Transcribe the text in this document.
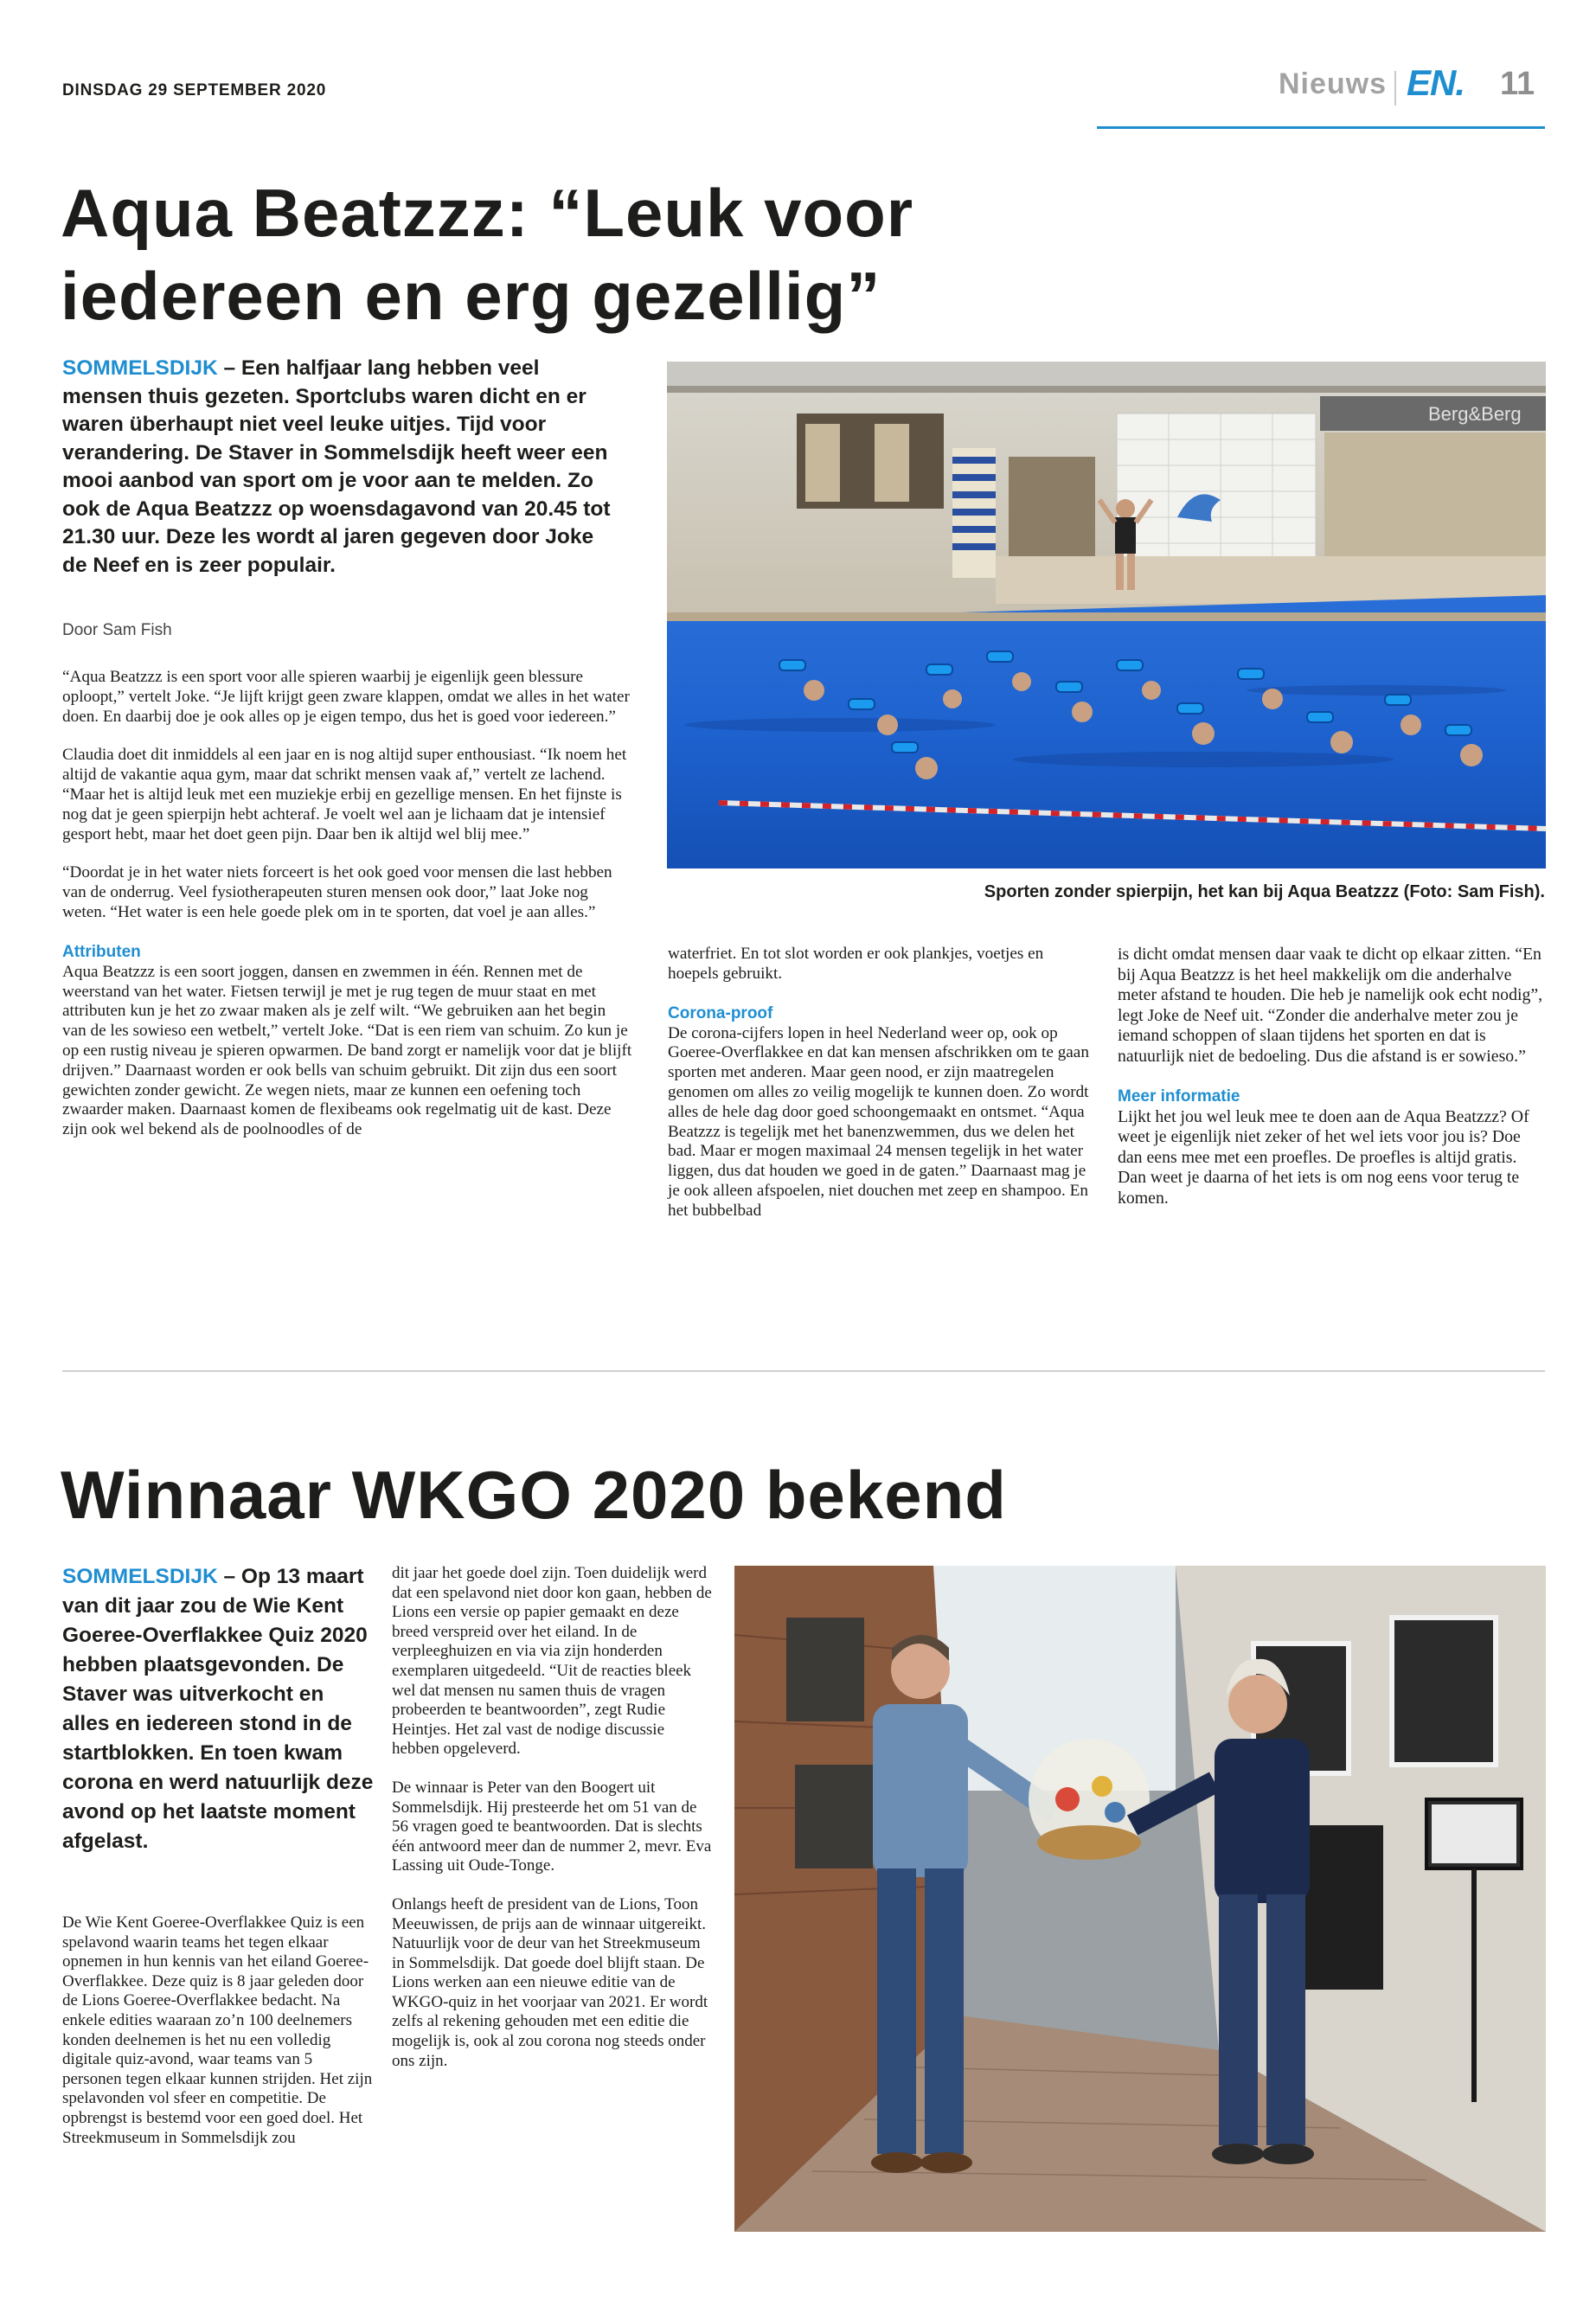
DINSDAG 29 SEPTEMBER 2020	Nieuws EN. 11
Aqua Beatzzz: “Leuk voor
iedereen en erg gezellig”
SOMMELSDIJK – Een halfjaar lang hebben veel mensen thuis gezeten. Sportclubs waren dicht en er waren überhaupt niet veel leuke uitjes. Tijd voor verandering. De Staver in Sommelsdijk heeft weer een mooi aanbod van sport om je voor aan te melden. Zo ook de Aqua Beatzzz op woensdagavond van 20.45 tot 21.30 uur. Deze les wordt al jaren gegeven door Joke de Neef en is zeer populair.
Door Sam Fish

“Aqua Beatzzz is een sport voor alle spieren waarbij je eigenlijk geen blessure oploopt,” vertelt Joke. “Je lijft krijgt geen zware klappen, omdat we alles in het water doen. En daarbij doe je ook alles op je eigen tempo, dus het is goed voor iedereen.”

Claudia doet dit inmiddels al een jaar en is nog altijd super enthousiast. “Ik noem het altijd de vakantie aqua gym, maar dat schrikt mensen vaak af,” vertelt ze lachend. “Maar het is altijd leuk met een muziekje erbij en gezellige mensen. En het fijnste is nog dat je geen spierpijn hebt achteraf. Je voelt wel aan je lichaam dat je intensief gesport hebt, maar het doet geen pijn. Daar ben ik altijd wel blij mee.”

“Doordat je in het water niets forceert is het ook goed voor mensen die last hebben van de onderrug. Veel fysiotherapeuten sturen mensen ook door,” laat Joke nog weten. “Het water is een hele goede plek om in te sporten, dat voel je aan alles.”

Attributen

Aqua Beatzzz is een soort joggen, dansen en zwemmen in één. Rennen met de weerstand van het water. Fietsen terwijl je met je rug tegen de muur staat en met attributen kun je het zo zwaar maken als je zelf wilt. “We gebruiken aan het begin van de les sowieso een wetbelt,” vertelt Joke. “Dat is een riem van schuim. Zo kun je op een rustig niveau je spieren opwarmen. De band zorgt er namelijk voor dat je blijft drijven.” Daarnaast worden er ook bells van schuim gebruikt. Dit zijn dus een soort gewichten zonder gewicht. Ze wegen niets, maar ze kunnen een oefening toch zwaarder maken. Daarnaast komen de flexibeams ook regelmatig uit de kast. Deze zijn ook wel bekend als de poolnoodles of de

Berg&Berg
Sporten zonder spierpijn, het kan bij Aqua Beatzzz (Foto: Sam Fish).

waterfriet. En tot slot worden er ook plankjes, voetjes en hoepels gebruikt.

Corona-proof

De corona-cijfers lopen in heel Nederland weer op, ook op Goeree-Overflakkee en dat kan mensen afschrikken om te gaan sporten met anderen. Maar geen nood, er zijn maatregelen genomen om alles zo veilig mogelijk te kunnen doen. Zo wordt alles de hele dag door goed schoongemaakt en ontsmet. “Aqua Beatzzz is tegelijk met het banenzwemmen, dus we delen het bad. Maar er mogen maximaal 24 mensen tegelijk in het water liggen, dus dat houden we goed in de gaten.” Daarnaast mag je je ook alleen afspoelen, niet douchen met zeep en shampoo. En het bubbelbad

is dicht omdat mensen daar vaak te dicht op elkaar zitten. “En bij Aqua Beatzzz is het heel makkelijk om die anderhalve meter afstand te houden. Die heb je namelijk ook echt nodig”, legt Joke de Neef uit. “Zonder die anderhalve meter zou je iemand schoppen of slaan tijdens het sporten en dat is natuurlijk niet de bedoeling. Dus die afstand is er sowieso.”

Meer informatie

Lijkt het jou wel leuk mee te doen aan de Aqua Beatzzz? Of weet je eigenlijk niet zeker of het wel iets voor jou is? Doe dan eens mee met een proefles. De proefles is altijd gratis. Dan weet je daarna of het iets is om nog eens voor terug te komen.

Winnaar WKGO 2020 bekend
SOMMELSDIJK – Op 13 maart van dit jaar zou de Wie Kent Goeree-Overflakkee Quiz 2020 hebben plaatsgevonden. De Staver was uitverkocht en alles en iedereen stond in de startblokken. En toen kwam corona en werd natuurlijk deze avond op het laatste moment afgelast.

De Wie Kent Goeree-Overflakkee Quiz is een spelavond waarin teams het tegen elkaar opnemen in hun kennis van het eiland Goeree-Overflakkee. Deze quiz is 8 jaar geleden door de Lions Goeree-Overflakkee bedacht. Na enkele edities waaraan zo’n 100 deelnemers konden deelnemen is het nu een volledig digitale quiz-avond, waar teams van 5 personen tegen elkaar kunnen strijden. Het zijn spelavonden vol sfeer en competitie. De opbrengst is bestemd voor een goed doel. Het Streekmuseum in Sommelsdijk zou

dit jaar het goede doel zijn. Toen duidelijk werd dat een spelavond niet door kon gaan, hebben de Lions een versie op papier gemaakt en deze breed verspreid over het eiland. In de verpleeghuizen en via via zijn honderden exemplaren uitgedeeld. “Uit de reacties bleek wel dat mensen nu samen thuis de vragen probeerden te beantwoorden”, zegt Rudie Heintjes. Het zal vast de nodige discussie hebben opgeleverd.

De winnaar is Peter van den Boogert uit Sommelsdijk. Hij presteerde het om 51 van de 56 vragen goed te beantwoorden. Dat is slechts één antwoord meer dan de nummer 2, mevr. Eva Lassing uit Oude-Tonge.

Onlangs heeft de president van de Lions, Toon Meeuwissen, de prijs aan de winnaar uitgereikt. Natuurlijk voor de deur van het Streekmuseum in Sommelsdijk. Dat goede doel blijft staan. De Lions werken aan een nieuwe editie van de WKGO-quiz in het voorjaar van 2021. Er wordt zelfs al rekening gehouden met een editie die mogelijk is, ook al zou corona nog steeds onder ons zijn.
